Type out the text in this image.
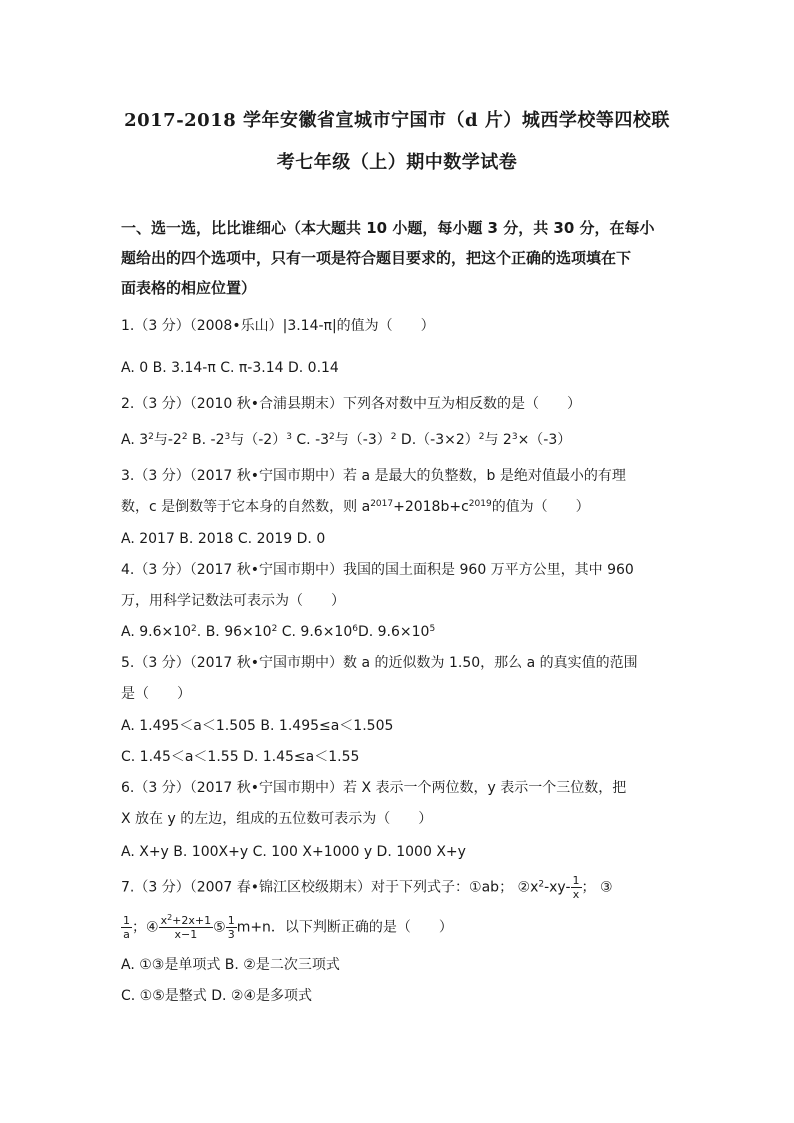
2017-2018 学年安徽省宣城市宁国市（d 片）城西学校等四校联
考七年级（上）期中数学试卷
一、选一选，比比谁细心（本大题共 10 小题，每小题 3 分，共 30 分，在每小
题给出的四个选项中，只有一项是符合题目要求的，把这个正确的选项填在下
面表格的相应位置）
1.（3 分）（2008•乐山）|3.14-π|的值为（　　）
A. 0 B. 3.14-π C. π-3.14 D. 0.14
2.（3 分）（2010 秋•合浦县期末）下列各对数中互为相反数的是（　　）
A. $3^2$与$-2^2$ B. $-2^3$与$(-2)^3$ C. $-3^2$与$(-3)^2$ $D.(-3\times 2)^2$与 $2^3\times(-3)$
3.（3 分）（2017 秋•宁国市期中）若 a 是最大的负整数，b 是绝对值最小的有理
数，c 是倒数等于它本身的自然数，则 $a^{2017}+2018b+c^{2019}$的值为（　　）
A. 2017 B. 2018 C. 2019 D. 0
4.（3 分）（2017 秋•宁国市期中）我国的国土面积是 960 万平方公里，其中 960
万，用科学记数法可表示为（　　）
A. $9.6\times 10^2$. B. $96\times 10^2$ C. $9.6\times 10^6D$. $9.6\times 10^5$
5.（3 分）（2017 秋•宁国市期中）数 a 的近似数为 1.50，那么 a 的真实值的范围
是（　　）
A. 1.495＜a＜1.505 B. 1.495≤a＜1.505
C. 1.45＜a＜1.55 D. 1.45≤a＜1.55
6.（3 分）（2017 秋•宁国市期中）若 X 表示一个两位数，y 表示一个三位数，把
X 放在 y 的左边，组成的五位数可表示为（　　）
A. X+y B. 100X+y C. 100 X+1000 y D. 1000 X+y
7.（3 分）（2007 春•锦江区校级期末）对于下列式子：①ab； $②x^2-xy- \frac{1}{x}$ ； ③
$\frac{1}{a}$ ；④ $\frac{x^2+2x+1}{x-1}$ ⑤ $\frac{1}{3} m+n$．以下判断正确的是（　　）
A. ①③是单项式 B. ②是二次三项式
C. ①⑤是整式 D. ②④是多项式
